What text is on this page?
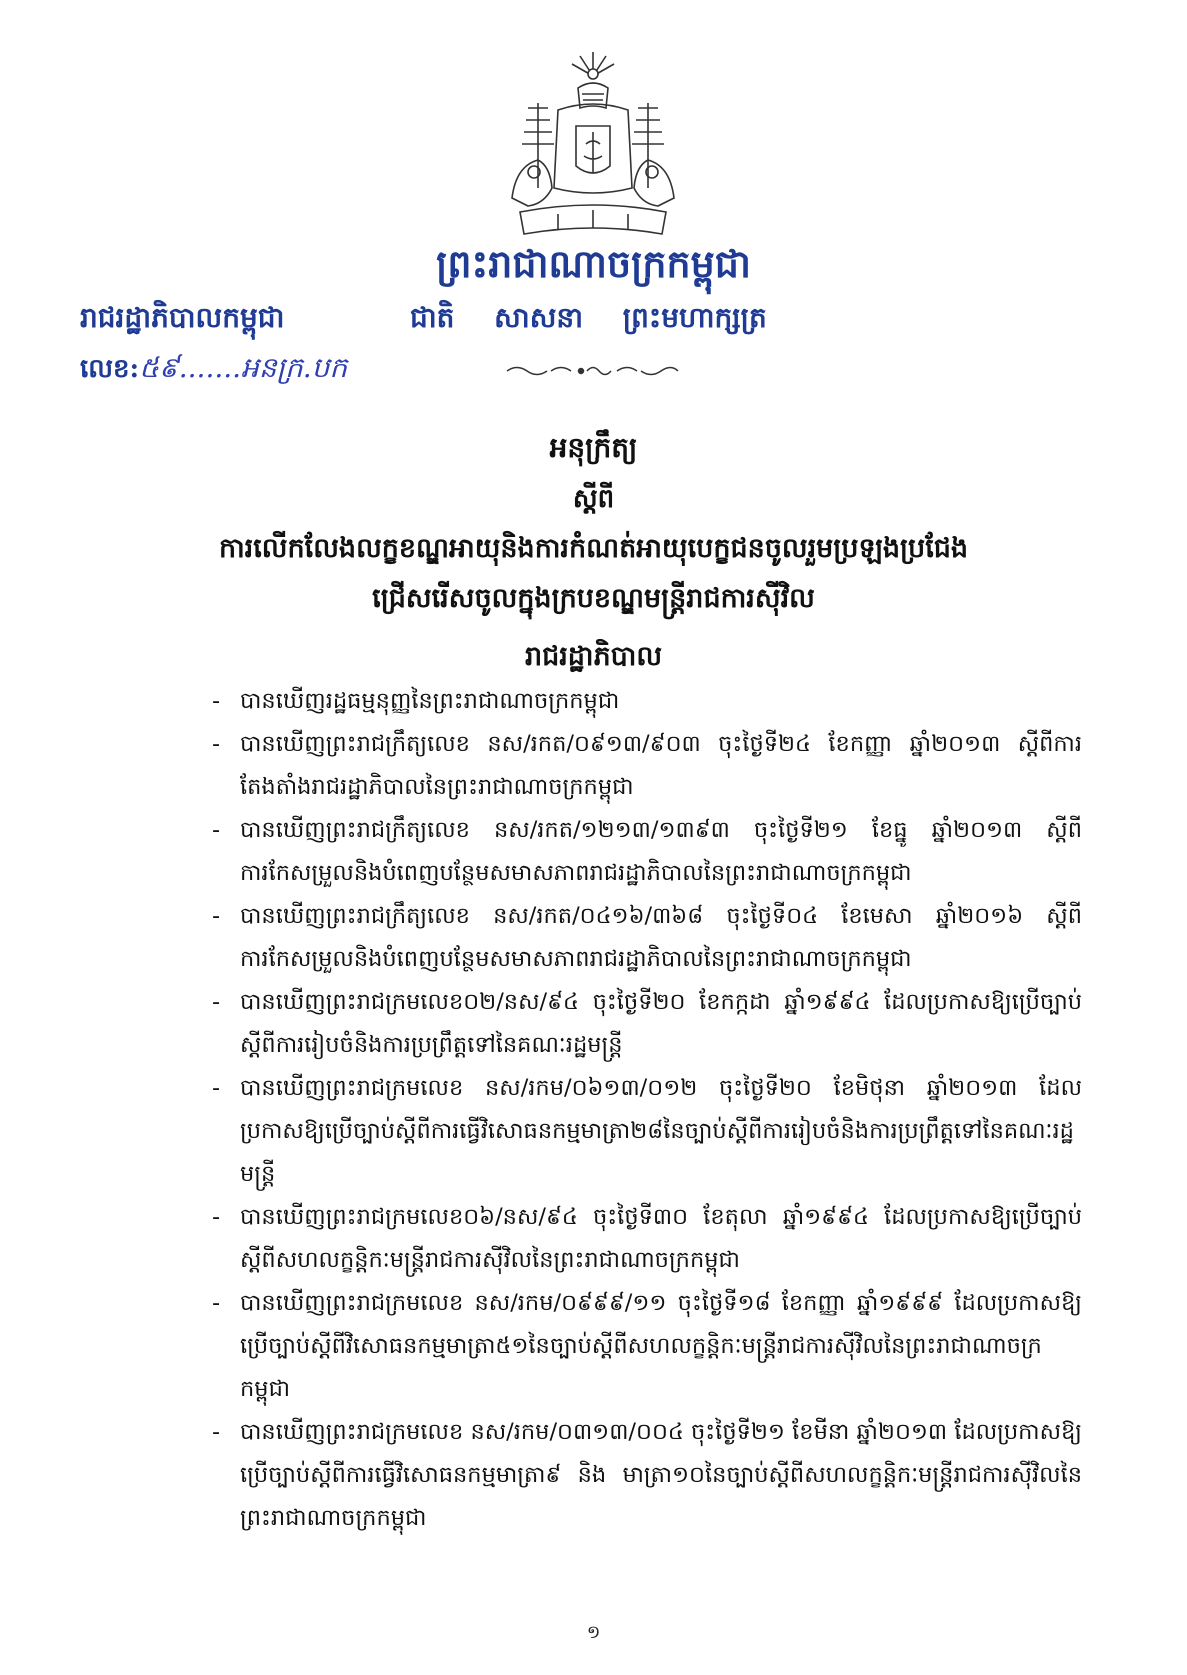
ព្រះរាជាណាចក្រកម្ពុជា
រាជរដ្ឋាភិបាលកម្ពុជា	ជាតិ សាសនា ព្រះមហាក្សត្រ
លេខ:៥៩.......អនក្រ.បក
អនុក្រឹត្យ
ស្តីពី
ការលើកលែងលក្ខខណ្ឌអាយុនិងការកំណត់អាយុបេក្ខជនចូលរួមប្រឡងប្រជែង
ជ្រើសរើសចូលក្នុងក្របខណ្ឌមន្ត្រីរាជការស៊ីវិល
រាជរដ្ឋាភិបាល
- បានឃើញរដ្ឋធម្មនុញ្ញនៃព្រះរាជាណាចក្រកម្ពុជា
- បានឃើញព្រះរាជក្រឹត្យលេខ នស/រកត/០៩១៣/៩០៣ ចុះថ្ងៃទី២៤ ខែកញ្ញា ឆ្នាំ២០១៣ ស្តីពីការតែងតាំងរាជរដ្ឋាភិបាលនៃព្រះរាជាណាចក្រកម្ពុជា
- បានឃើញព្រះរាជក្រឹត្យលេខ នស/រកត/១២១៣/១៣៩៣ ចុះថ្ងៃទី២១ ខែធ្នូ ឆ្នាំ២០១៣ ស្តីពីការកែសម្រួលនិងបំពេញបន្ថែមសមាសភាពរាជរដ្ឋាភិបាលនៃព្រះរាជាណាចក្រកម្ពុជា
- បានឃើញព្រះរាជក្រឹត្យលេខ នស/រកត/០៤១៦/៣៦៨ ចុះថ្ងៃទី០៤ ខែមេសា ឆ្នាំ២០១៦ ស្តីពីការកែសម្រួលនិងបំពេញបន្ថែមសមាសភាពរាជរដ្ឋាភិបាលនៃព្រះរាជាណាចក្រកម្ពុជា
- បានឃើញព្រះរាជក្រមលេខ០២/នស/៩៤ ចុះថ្ងៃទី២០ ខែកក្កដា ឆ្នាំ១៩៩៤ ដែលប្រកាសឱ្យប្រើច្បាប់ស្តីពីការរៀបចំនិងការប្រព្រឹត្តទៅនៃគណៈរដ្ឋមន្ត្រី
- បានឃើញព្រះរាជក្រមលេខ នស/រកម/០៦១៣/០១២ ចុះថ្ងៃទី២០ ខែមិថុនា ឆ្នាំ២០១៣ ដែលប្រកាសឱ្យប្រើច្បាប់ស្តីពីការធ្វើវិសោធនកម្មមាត្រា២៨នៃច្បាប់ស្តីពីការរៀបចំនិងការប្រព្រឹត្តទៅនៃគណៈរដ្ឋមន្ត្រី
- បានឃើញព្រះរាជក្រមលេខ០៦/នស/៩៤ ចុះថ្ងៃទី៣០ ខែតុលា ឆ្នាំ១៩៩៤ ដែលប្រកាសឱ្យប្រើច្បាប់ស្តីពីសហលក្ខន្តិកៈមន្ត្រីរាជការស៊ីវិលនៃព្រះរាជាណាចក្រកម្ពុជា
- បានឃើញព្រះរាជក្រមលេខ នស/រកម/០៩៩៩/១១ ចុះថ្ងៃទី១៨ ខែកញ្ញា ឆ្នាំ១៩៩៩ ដែលប្រកាសឱ្យប្រើច្បាប់ស្តីពីវិសោធនកម្មមាត្រា៥១នៃច្បាប់ស្តីពីសហលក្ខន្តិកៈមន្ត្រីរាជការស៊ីវិលនៃព្រះរាជាណាចក្រកម្ពុជា
- បានឃើញព្រះរាជក្រមលេខ នស/រកម/០៣១៣/០០៤ ចុះថ្ងៃទី២១ ខែមីនា ឆ្នាំ២០១៣ ដែលប្រកាសឱ្យប្រើច្បាប់ស្តីពីការធ្វើវិសោធនកម្មមាត្រា៩ និង មាត្រា១០នៃច្បាប់ស្តីពីសហលក្ខន្តិកៈមន្ត្រីរាជការស៊ីវិលនៃព្រះរាជាណាចក្រកម្ពុជា
១
